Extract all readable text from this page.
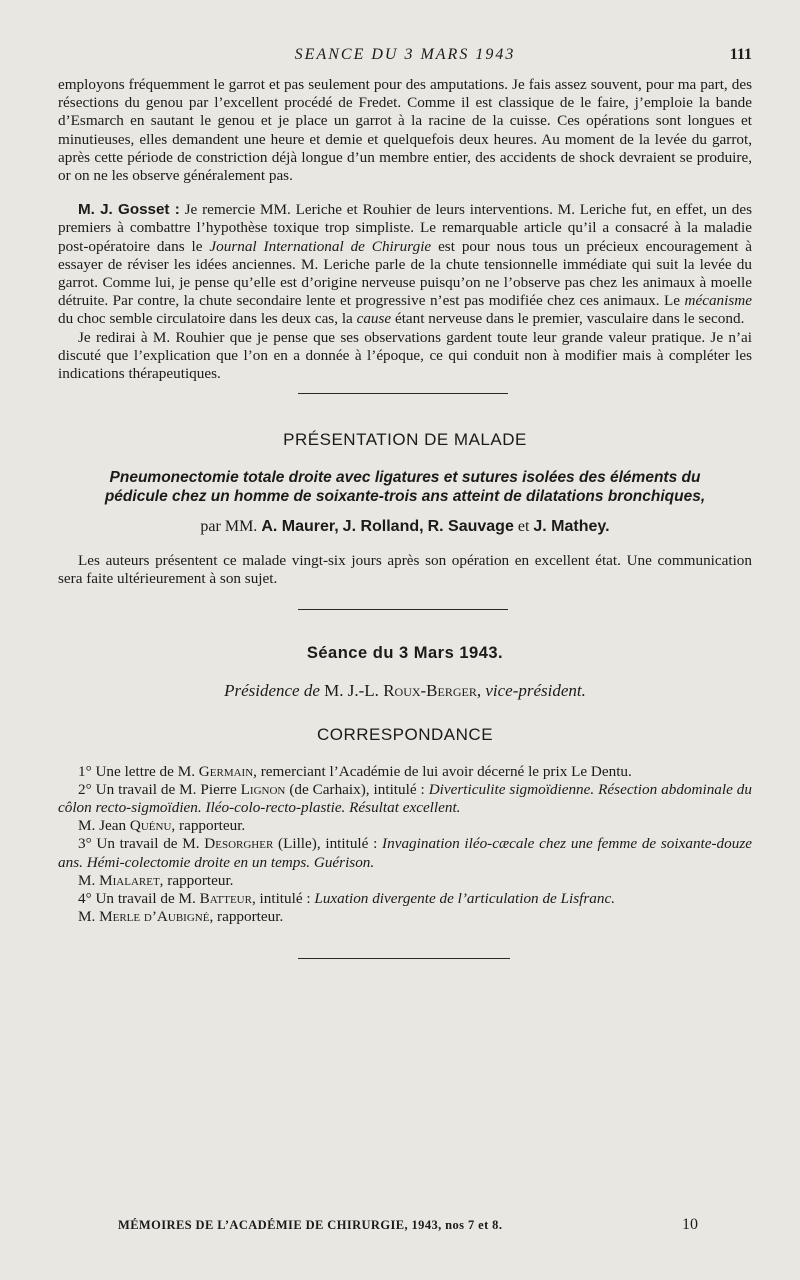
SEANCE DU 3 MARS 1943	111

employons fréquemment le garrot et pas seulement pour des amputations. Je fais assez souvent, pour ma part, des résections du genou par l’excellent procédé de Fredet. Comme il est classique de le faire, j’emploie la bande d’Esmarch en sautant le genou et je place un garrot à la racine de la cuisse. Ces opérations sont longues et minutieuses, elles demandent une heure et demie et quelquefois deux heures. Au moment de la levée du garrot, après cette période de constriction déjà longue d’un membre entier, des accidents de shock devraient se produire, or on ne les observe généralement pas.

M. J. Gosset : Je remercie MM. Leriche et Rouhier de leurs interventions. M. Leriche fut, en effet, un des premiers à combattre l’hypothèse toxique trop simpliste. Le remarquable article qu’il a consacré à la maladie post-opératoire dans le Journal International de Chirurgie est pour nous tous un précieux encouragement à essayer de réviser les idées anciennes. M. Leriche parle de la chute tensionnelle immédiate qui suit la levée du garrot. Comme lui, je pense qu’elle est d’origine nerveuse puisqu’on ne l’observe pas chez les animaux à moelle détruite. Par contre, la chute secondaire lente et progressive n’est pas modifiée chez ces animaux. Le mécanisme du choc semble circulatoire dans les deux cas, la cause étant nerveuse dans le premier, vasculaire dans le second.

Je redirai à M. Rouhier que je pense que ses observations gardent toute leur grande valeur pratique. Je n’ai discuté que l’explication que l’on en a donnée à l’époque, ce qui conduit non à modifier mais à compléter les indications thérapeutiques.

PRÉSENTATION DE MALADE
Pneumonectomie totale droite avec ligatures et sutures isolées des éléments du pédicule chez un homme de soixante-trois ans atteint de dilatations bronchiques,
par MM. A. Maurer, J. Rolland, R. Sauvage et J. Mathey.

Les auteurs présentent ce malade vingt-six jours après son opération en excellent état. Une communication sera faite ultérieurement à son sujet.

Séance du 3 Mars 1943.
Présidence de M. J.-L. Roux-Berger, vice-président.
CORRESPONDANCE

1° Une lettre de M. Germain, remerciant l’Académie de lui avoir décerné le prix Le Dentu.

2° Un travail de M. Pierre Lignon (de Carhaix), intitulé : Diverticulite sigmoïdienne. Résection abdominale du côlon recto-sigmoïdien. Iléo-colo-recto-plastie. Résultat excellent.

M. Jean Quénu, rapporteur.

3° Un travail de M. Desorgher (Lille), intitulé : Invagination iléo-cæcale chez une femme de soixante-douze ans. Hémi-colectomie droite en un temps. Guérison.

M. Mialaret, rapporteur.

4° Un travail de M. Batteur, intitulé : Luxation divergente de l’articulation de Lisfranc.

M. Merle d’Aubigné, rapporteur.

MÉMOIRES DE L’ACADÉMIE DE CHIRURGIE, 1943, nos 7 et 8.	10
